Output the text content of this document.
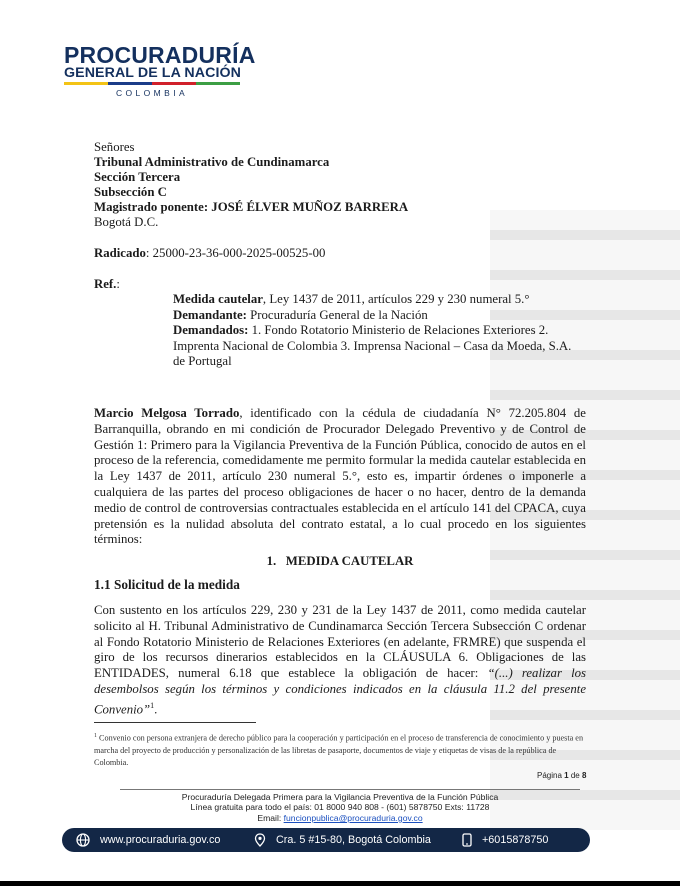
PROCURADURÍA
GENERAL DE LA NACIÓN
COLOMBIA
Señores
Tribunal Administrativo de Cundinamarca
Sección Tercera
Subsección C
Magistrado ponente: JOSÉ ÉLVER MUÑOZ BARRERA
Bogotá D.C.
Radicado: 25000-23-36-000-2025-00525-00
Ref.:
Medida cautelar, Ley 1437 de 2011, artículos 229 y 230 numeral 5.°
Demandante: Procuraduría General de la Nación
Demandados: 1. Fondo Rotatorio Ministerio de Relaciones Exteriores 2. Imprenta Nacional de Colombia 3. Imprensa Nacional – Casa da Moeda, S.A. de Portugal
Marcio Melgosa Torrado, identificado con la cédula de ciudadanía N° 72.205.804 de Barranquilla, obrando en mi condición de Procurador Delegado Preventivo y de Control de Gestión 1: Primero para la Vigilancia Preventiva de la Función Pública, conocido de autos en el proceso de la referencia, comedidamente me permito formular la medida cautelar establecida en la Ley 1437 de 2011, artículo 230 numeral 5.°, esto es, impartir órdenes o imponerle a cualquiera de las partes del proceso obligaciones de hacer o no hacer, dentro de la demanda medio de control de controversias contractuales establecida en el artículo 141 del CPACA, cuya pretensión es la nulidad absoluta del contrato estatal, a lo cual procedo en los siguientes términos:
1. MEDIDA CAUTELAR
1.1 Solicitud de la medida
Con sustento en los artículos 229, 230 y 231 de la Ley 1437 de 2011, como medida cautelar solicito al H. Tribunal Administrativo de Cundinamarca Sección Tercera Subsección C ordenar al Fondo Rotatorio Ministerio de Relaciones Exteriores (en adelante, FRMRE) que suspenda el giro de los recursos dinerarios establecidos en la CLÁUSULA 6. Obligaciones de las ENTIDADES, numeral 6.18 que establece la obligación de hacer: “(...) realizar los desembolsos según los términos y condiciones indicados en la cláusula 11.2 del presente Convenio”$^1$.
$^1$ Convenio con persona extranjera de derecho público para la cooperación y participación en el proceso de transferencia de conocimiento y puesta en marcha del proyecto de producción y personalización de las libretas de pasaporte, documentos de viaje y etiquetas de visas de la república de Colombia.
Página 1 de 8
Procuraduría Delegada Primera para la Vigilancia Preventiva de la Función Pública
Línea gratuita para todo el país: 01 8000 940 808 - (601) 5878750 Exts: 11728
Email: funcionpublica@procuraduria.gov.co
www.procuraduria.gov.co	Cra. 5 #15-80, Bogotá Colombia	+6015878750
